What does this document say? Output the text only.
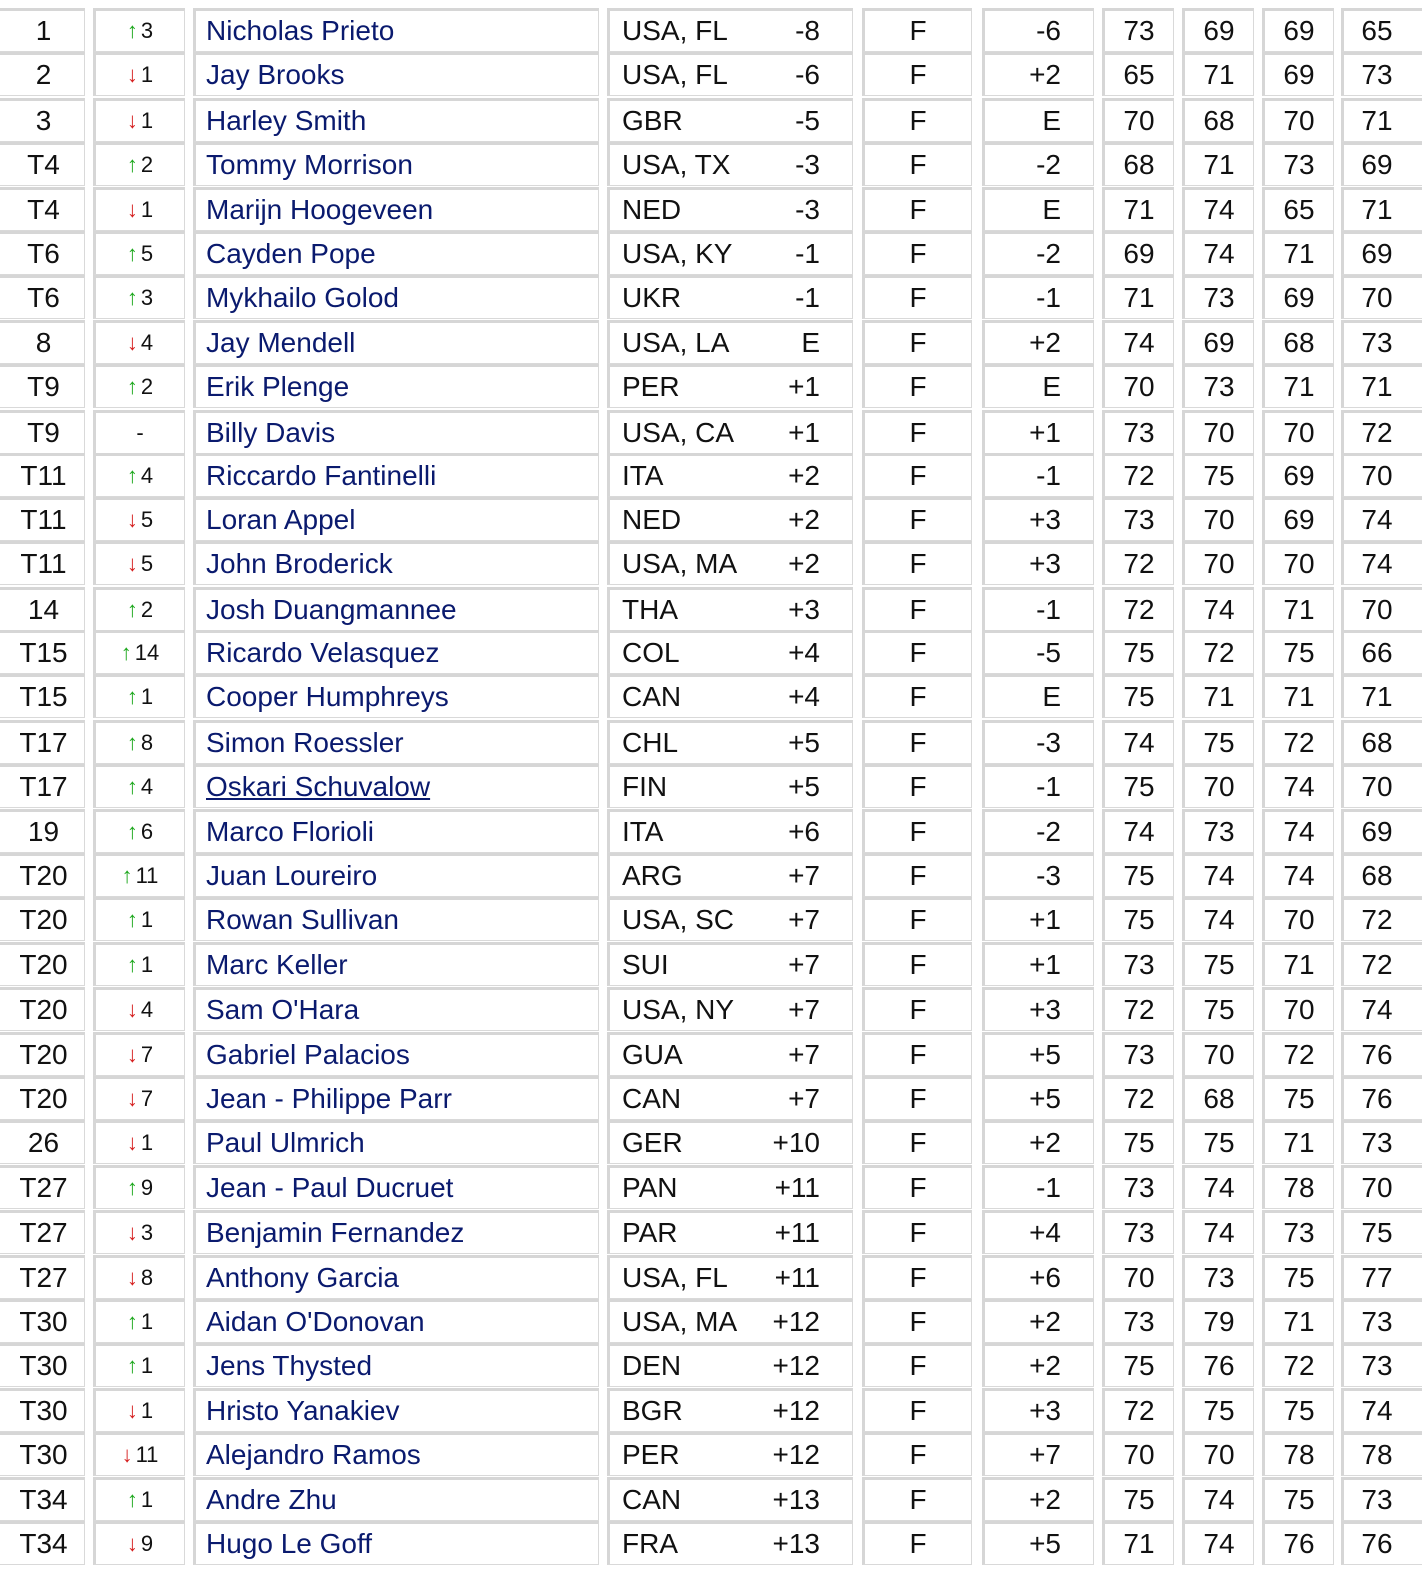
1	↑ 3	Nicholas Prieto	USA, FL -8	F	-6	73	69	69	65
2	↓ 1	Jay Brooks	USA, FL -6	F	+2	65	71	69	73
3	↓ 1	Harley Smith	GBR	-5	F	E	70	68	70	71
T4	↑ 2	Tommy Morrison	USA, TX -3	F	-2	68	71	73	69
T4	↓ 1	Marijn Hoogeveen	NED	-3	F	E	71	74	65	71
T6	↑ 5	Cayden Pope	USA, KY -1	F	-2	69	74	71	69
T6	↑ 3	Mykhailo Golod	UKR	-1	F	-1	71	73	69	70
8	↓ 4	Jay Mendell	USA, LA	E	F	+2	74	69	68	73
T9	↑ 2	Erik Plenge	PER	+1	F	E	70	73	71	71
T9	-	Billy Davis	USA, CA +1	F	+1	73	70	70	72
T11	↑ 4	Riccardo Fantinelli	ITA	+2	F	-1	72	75	69	70
T11	↓ 5	Loran Appel	NED	+2	F	+3	73	70	69	74
T11	↓ 5	John Broderick	USA, MA +2	F	+3	72	70	70	74
14	↑ 2	Josh Duangmannee	THA	+3	F	-1	72	74	71	70
T15	↑ 14	Ricardo Velasquez	COL	+4	F	-5	75	72	75	66
T15	↑ 1	Cooper Humphreys	CAN	+4	F	E	75	71	71	71
T17	↑ 8	Simon Roessler	CHL	+5	F	-3	74	75	72	68
T17	↑ 4	Oskari Schuvalow	FIN	+5	F	-1	75	70	74	70
19	↑ 6	Marco Florioli	ITA	+6	F	-2	74	73	74	69
T20	↑ 11	Juan Loureiro	ARG	+7	F	-3	75	74	74	68
T20	↑ 1	Rowan Sullivan	USA, SC +7	F	+1	75	74	70	72
T20	↑ 1	Marc Keller	SUI	+7	F	+1	73	75	71	72
T20	↓ 4	Sam O'Hara	USA, NY +7	F	+3	72	75	70	74
T20	↓ 7	Gabriel Palacios	GUA	+7	F	+5	73	70	72	76
T20	↓ 7	Jean - Philippe Parr	CAN	+7	F	+5	72	68	75	76
26	↓ 1	Paul Ulmrich	GER	+10	F	+2	75	75	71	73
T27	↑ 9	Jean - Paul Ducruet	PAN	+11	F	-1	73	74	78	70
T27	↓ 3	Benjamin Fernandez	PAR	+11	F	+4	73	74	73	75
T27	↓ 8	Anthony Garcia	USA, FL +11	F	+6	70	73	75	77
T30	↑ 1	Aidan O'Donovan	USA, MA +12	F	+2	73	79	71	73
T30	↑ 1	Jens Thysted	DEN	+12	F	+2	75	76	72	73
T30	↓ 1	Hristo Yanakiev	BGR	+12	F	+3	72	75	75	74
T30	↓ 11	Alejandro Ramos	PER	+12	F	+7	70	70	78	78
T34	↑ 1	Andre Zhu	CAN	+13	F	+2	75	74	75	73
T34	↓ 9	Hugo Le Goff	FRA	+13	F	+5	71	74	76	76
